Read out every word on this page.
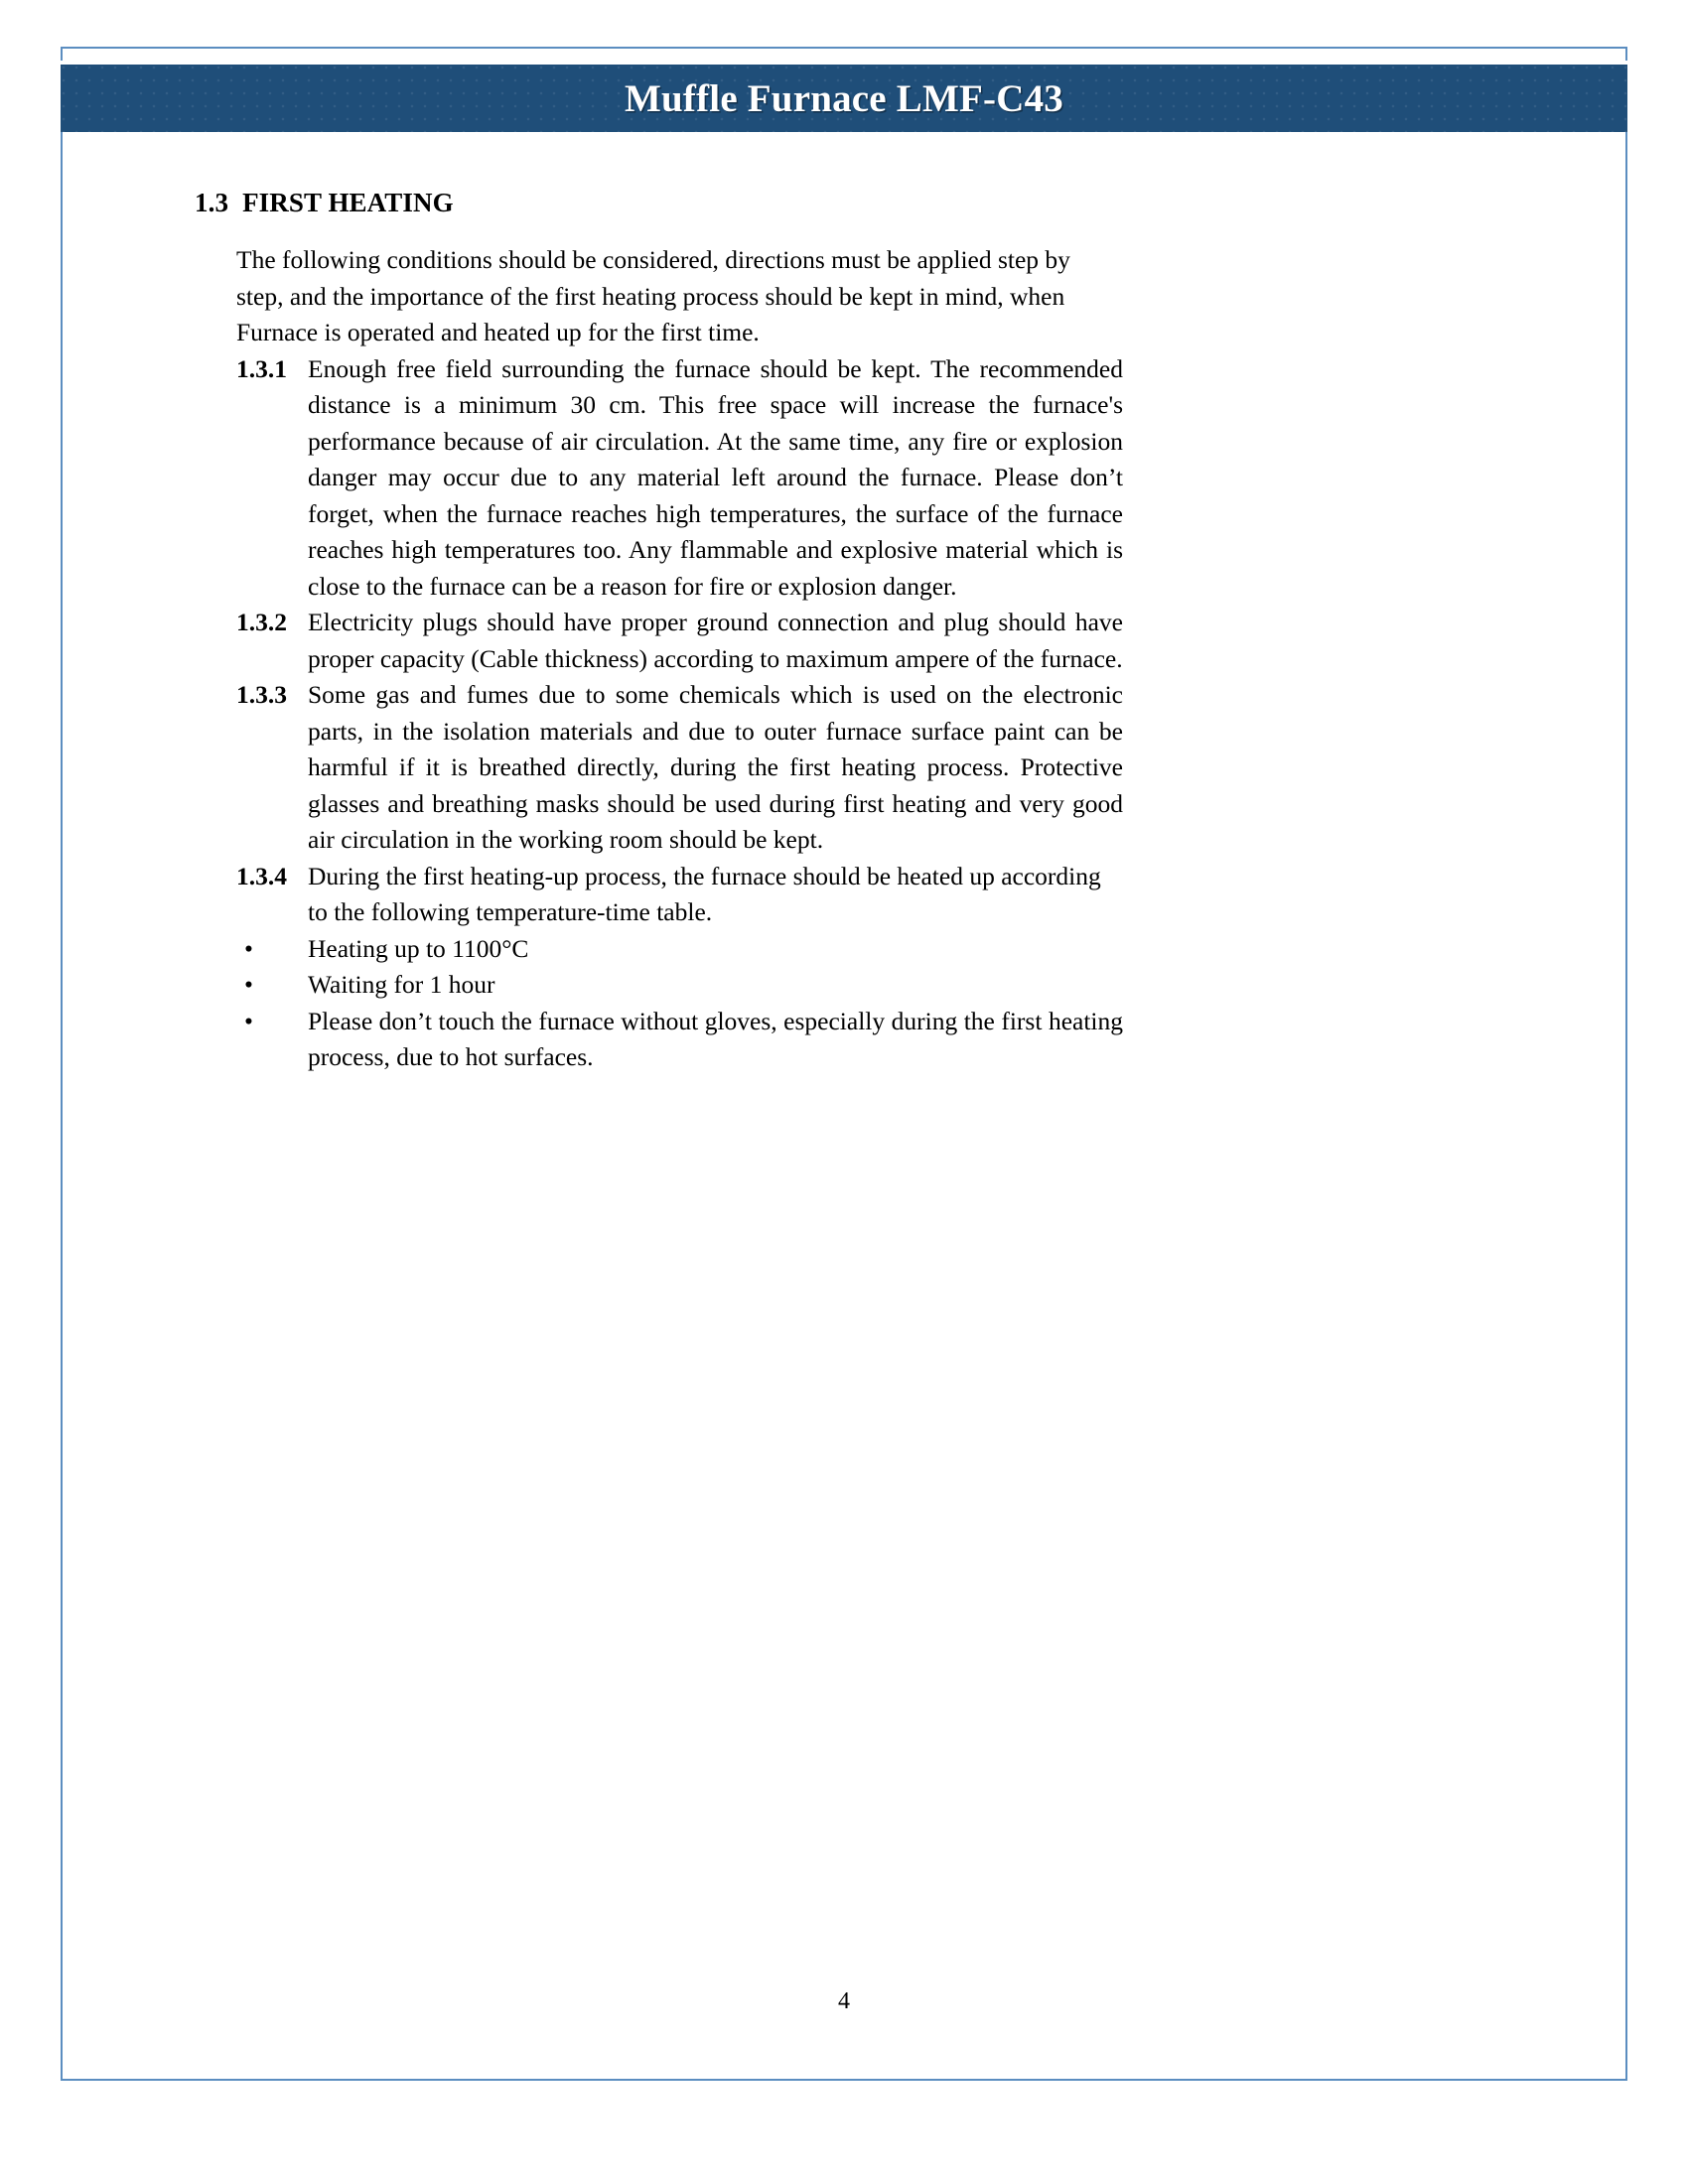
Muffle Furnace LMF-C43
1.3 FIRST HEATING

The following conditions should be considered, directions must be applied step by step, and the importance of the first heating process should be kept in mind, when Furnace is operated and heated up for the first time.

1.3.1 Enough free field surrounding the furnace should be kept. The recommended distance is a minimum 30 cm. This free space will increase the furnace's performance because of air circulation. At the same time, any fire or explosion danger may occur due to any material left around the furnace. Please don’t forget, when the furnace reaches high temperatures, the surface of the furnace reaches high temperatures too. Any flammable and explosive material which is close to the furnace can be a reason for fire or explosion danger.
1.3.2 Electricity plugs should have proper ground connection and plug should have proper capacity (Cable thickness) according to maximum ampere of the furnace.
1.3.3 Some gas and fumes due to some chemicals which is used on the electronic parts, in the isolation materials and due to outer furnace surface paint can be harmful if it is breathed directly, during the first heating process. Protective glasses and breathing masks should be used during first heating and very good air circulation in the working room should be kept.
1.3.4 During the first heating-up process, the furnace should be heated up according to the following temperature-time table.
• Heating up to 1100°C
• Waiting for 1 hour
• Please don’t touch the furnace without gloves, especially during the first heating process, due to hot surfaces.
4
